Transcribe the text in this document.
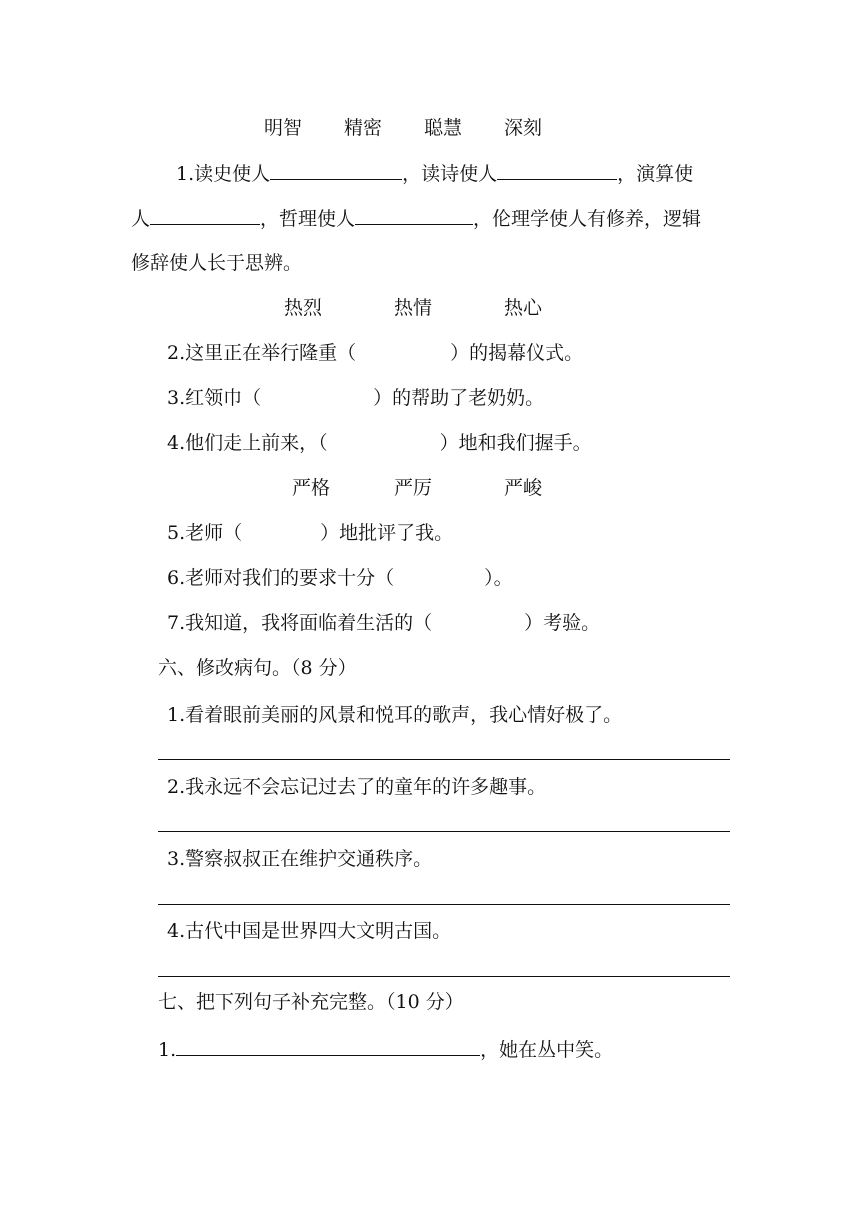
明智 精密 聪慧 深刻
1.读史使人	，读诗使人	，演算使
人	，哲理使人	，伦理学使人有修养，逻辑
修辞使人长于思辨。
热烈	热情	热心
2.这里正在举行隆重（	）的揭幕仪式。
3.红领巾（	）的帮助了老奶奶。
4.他们走上前来，（	）地和我们握手。
严格	严厉	严峻
5.老师（	）地批评了我。
6.老师对我们的要求十分（	）。
7.我知道，我将面临着生活的（	）考验。
六、修改病句。（8 分）
1.看着眼前美丽的风景和悦耳的歌声，我心情好极了。
2.我永远不会忘记过去了的童年的许多趣事。
3.警察叔叔正在维护交通秩序。
4.古代中国是世界四大文明古国。
七、把下列句子补充完整。（10 分）
1.	，她在丛中笑。
